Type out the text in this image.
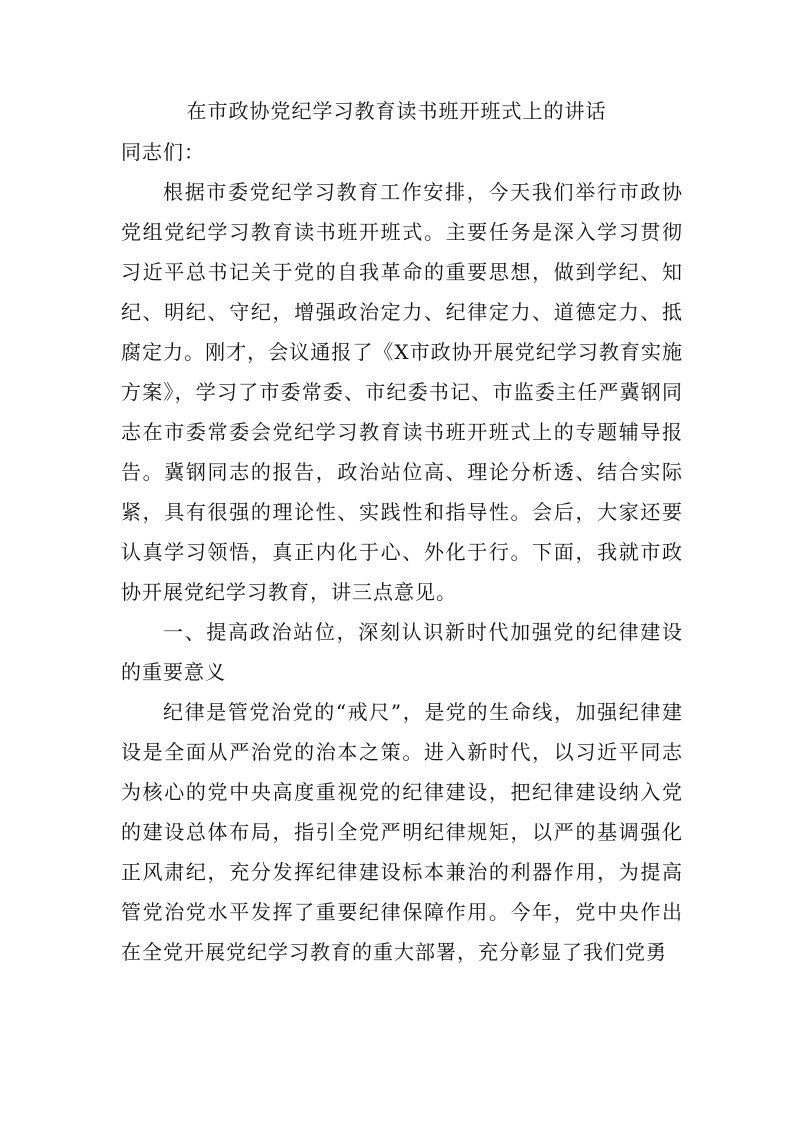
在市政协党纪学习教育读书班开班式上的讲话

同志们：

根据市委党纪学习教育工作安排，今天我们举行市政协党组党纪学习教育读书班开班式。主要任务是深入学习贯彻习近平总书记关于党的自我革命的重要思想，做到学纪、知纪、明纪、守纪，增强政治定力、纪律定力、道德定力、抵腐定力。刚才，会议通报了《X市政协开展党纪学习教育实施方案》，学习了市委常委、市纪委书记、市监委主任严冀钢同志在市委常委会党纪学习教育读书班开班式上的专题辅导报告。冀钢同志的报告，政治站位高、理论分析透、结合实际紧，具有很强的理论性、实践性和指导性。会后，大家还要认真学习领悟，真正内化于心、外化于行。下面，我就市政协开展党纪学习教育，讲三点意见。

一、提高政治站位，深刻认识新时代加强党的纪律建设的重要意义

纪律是管党治党的“戒尺”，是党的生命线，加强纪律建设是全面从严治党的治本之策。进入新时代，以习近平同志为核心的党中央高度重视党的纪律建设，把纪律建设纳入党的建设总体布局，指引全党严明纪律规矩，以严的基调强化正风肃纪，充分发挥纪律建设标本兼治的利器作用，为提高管党治党水平发挥了重要纪律保障作用。今年，党中央作出在全党开展党纪学习教育的重大部署，充分彰显了我们党勇
